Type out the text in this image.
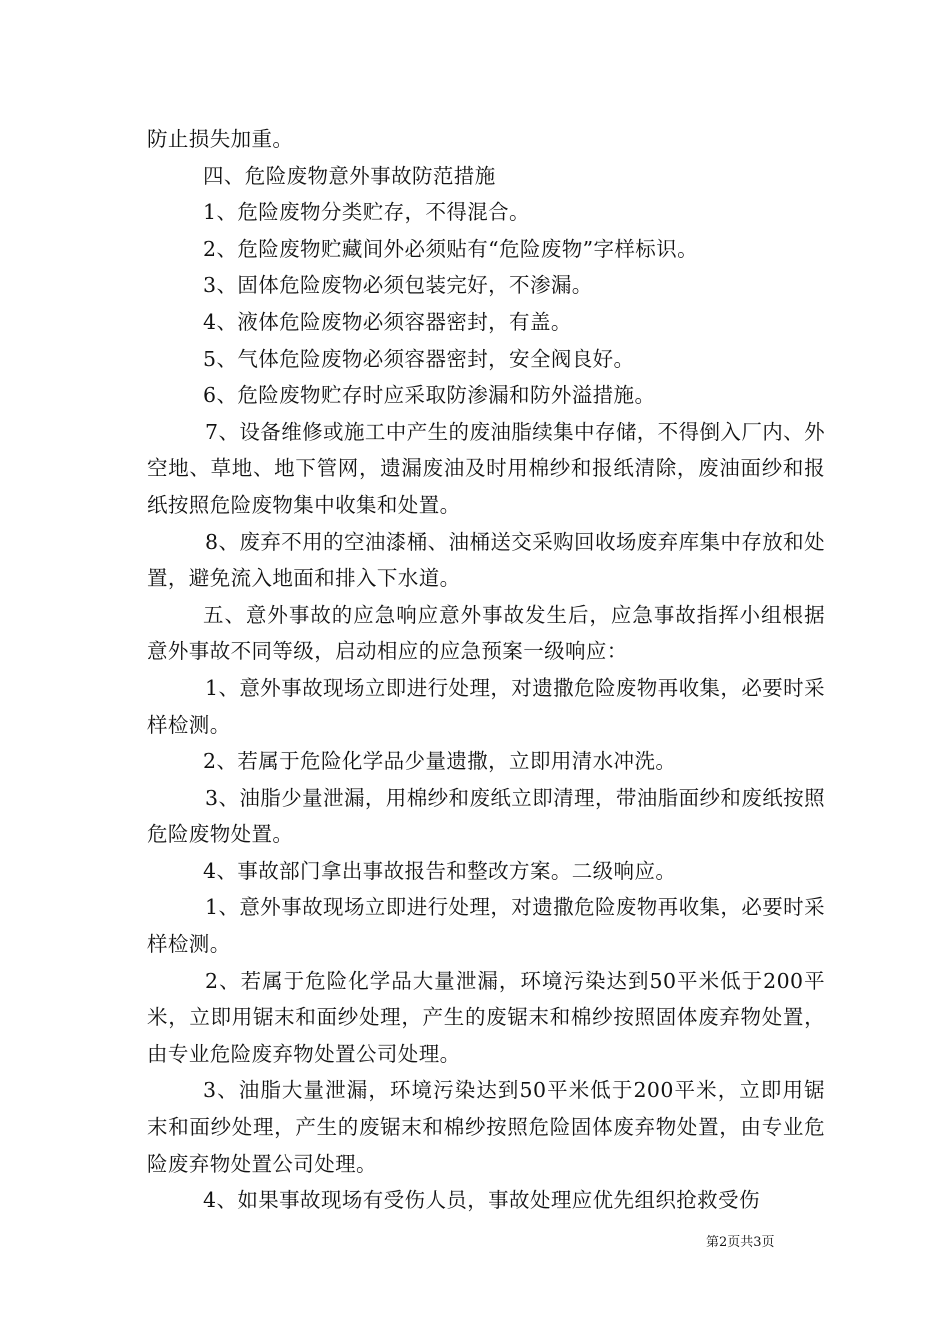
防止损失加重。

四、危险废物意外事故防范措施

1、危险废物分类贮存，不得混合。

2、危险废物贮藏间外必须贴有“危险废物”字样标识。

3、固体危险废物必须包装完好，不渗漏。

4、液体危险废物必须容器密封，有盖。

5、气体危险废物必须容器密封，安全阀良好。

6、危险废物贮存时应采取防渗漏和防外溢措施。

7、设备维修或施工中产生的废油脂续集中存储，不得倒入厂内、外空地、草地、地下管网，遗漏废油及时用棉纱和报纸清除，废油面纱和报纸按照危险废物集中收集和处置。

8、废弃不用的空油漆桶、油桶送交采购回收场废弃库集中存放和处置，避免流入地面和排入下水道。

五、意外事故的应急响应意外事故发生后，应急事故指挥小组根据意外事故不同等级，启动相应的应急预案一级响应：

1、意外事故现场立即进行处理，对遗撒危险废物再收集，必要时采样检测。

2、若属于危险化学品少量遗撒，立即用清水冲洗。

3、油脂少量泄漏，用棉纱和废纸立即清理，带油脂面纱和废纸按照危险废物处置。

4、事故部门拿出事故报告和整改方案。二级响应。

1、意外事故现场立即进行处理，对遗撒危险废物再收集，必要时采样检测。

2、若属于危险化学品大量泄漏，环境污染达到50平米低于200平米，立即用锯末和面纱处理，产生的废锯末和棉纱按照固体废弃物处置，由专业危险废弃物处置公司处理。

3、油脂大量泄漏，环境污染达到50平米低于200平米，立即用锯末和面纱处理，产生的废锯末和棉纱按照危险固体废弃物处置，由专业危险废弃物处置公司处理。

4、如果事故现场有受伤人员，事故处理应优先组织抢救受伤

第2页共3页
